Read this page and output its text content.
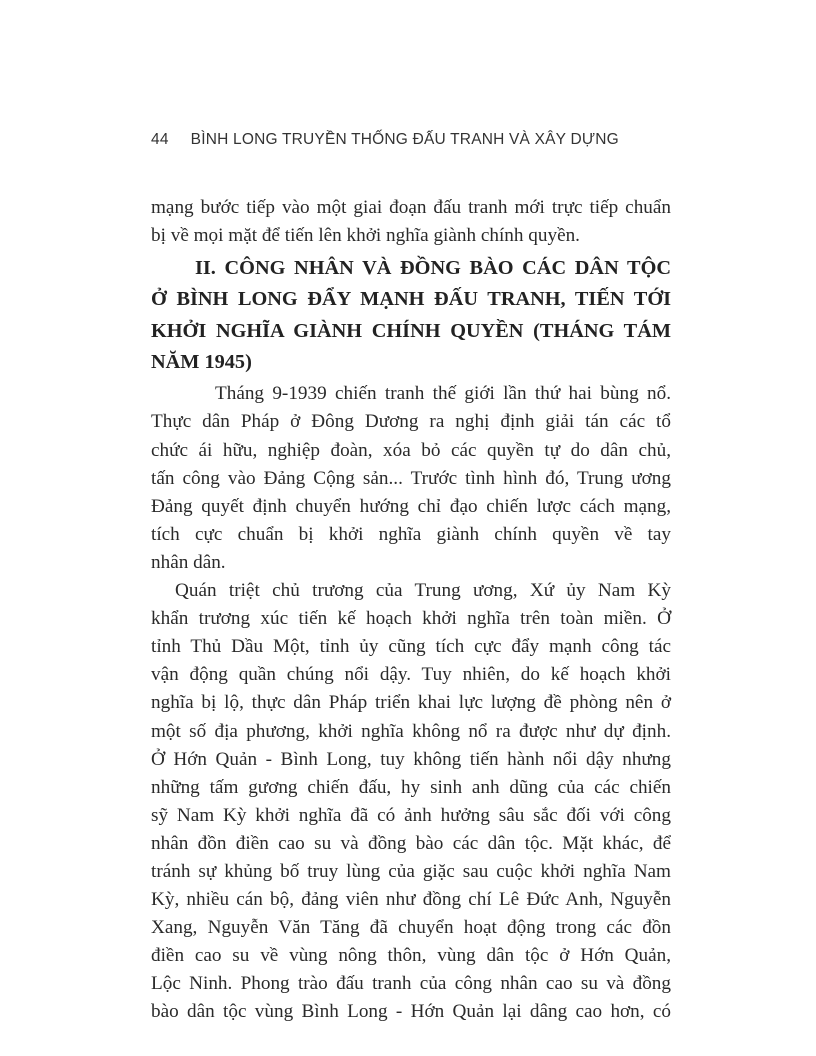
44 BÌNH LONG TRUYỀN THỐNG ĐẤU TRANH VÀ XÂY DỰNG
mạng bước tiếp vào một giai đoạn đấu tranh mới trực tiếp chuẩn
bị về mọi mặt để tiến lên khởi nghĩa giành chính quyền.
II. CÔNG NHÂN VÀ ĐỒNG BÀO CÁC DÂN TỘC
Ở BÌNH LONG ĐẨY MẠNH ĐẤU TRANH, TIẾN TỚI
KHỞI NGHĨA GIÀNH CHÍNH QUYỀN (THÁNG TÁM
NĂM 1945)
Tháng 9-1939 chiến tranh thế giới lần thứ hai bùng nổ.
Thực dân Pháp ở Đông Dương ra nghị định giải tán các tổ
chức ái hữu, nghiệp đoàn, xóa bỏ các quyền tự do dân chủ,
tấn công vào Đảng Cộng sản... Trước tình hình đó, Trung ương
Đảng quyết định chuyển hướng chỉ đạo chiến lược cách mạng,
tích cực chuẩn bị khởi nghĩa giành chính quyền về tay
nhân dân.
Quán triệt chủ trương của Trung ương, Xứ ủy Nam Kỳ
khẩn trương xúc tiến kế hoạch khởi nghĩa trên toàn miền. Ở
tỉnh Thủ Dầu Một, tỉnh ủy cũng tích cực đẩy mạnh công tác
vận động quần chúng nổi dậy. Tuy nhiên, do kế hoạch khởi
nghĩa bị lộ, thực dân Pháp triển khai lực lượng đề phòng nên ở
một số địa phương, khởi nghĩa không nổ ra được như dự định.
Ở Hớn Quản - Bình Long, tuy không tiến hành nổi dậy nhưng
những tấm gương chiến đấu, hy sinh anh dũng của các chiến
sỹ Nam Kỳ khởi nghĩa đã có ảnh hưởng sâu sắc đối với công
nhân đồn điền cao su và đồng bào các dân tộc. Mặt khác, để
tránh sự khủng bố truy lùng của giặc sau cuộc khởi nghĩa Nam
Kỳ, nhiều cán bộ, đảng viên như đồng chí Lê Đức Anh, Nguyễn
Xang, Nguyễn Văn Tăng đã chuyển hoạt động trong các đồn
điền cao su về vùng nông thôn, vùng dân tộc ở Hớn Quản,
Lộc Ninh. Phong trào đấu tranh của công nhân cao su và đồng
bào dân tộc vùng Bình Long - Hớn Quản lại dâng cao hơn, có
